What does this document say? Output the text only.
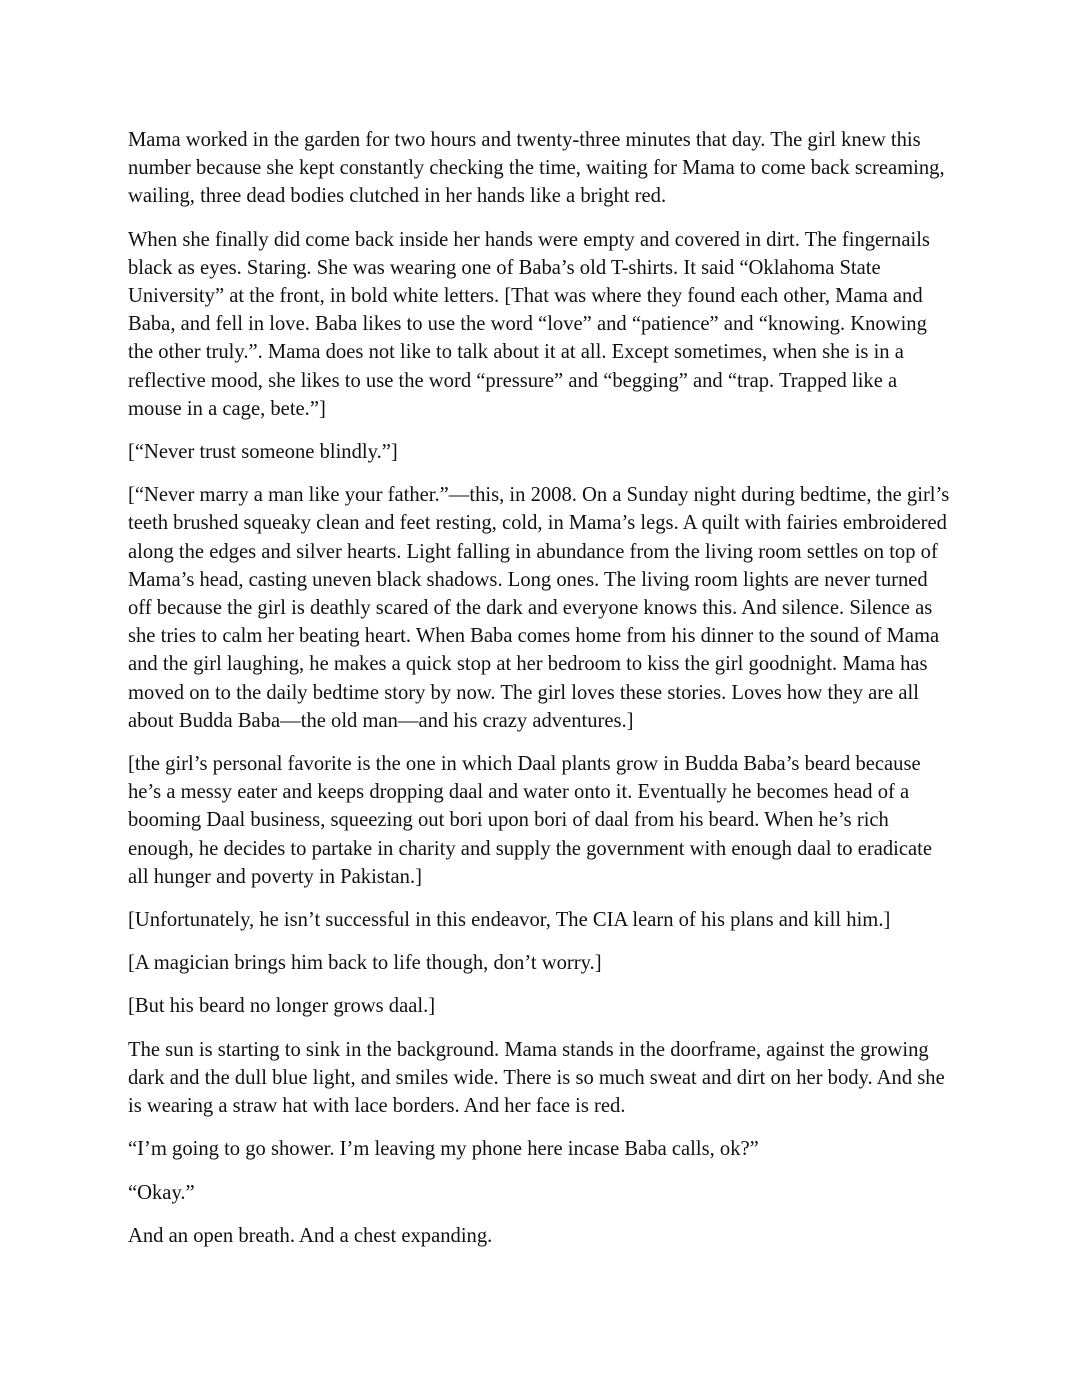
Mama worked in the garden for two hours and twenty-three minutes that day. The girl knew this number because she kept constantly checking the time, waiting for Mama to come back screaming, wailing, three dead bodies clutched in her hands like a bright red.

When she finally did come back inside her hands were empty and covered in dirt. The fingernails black as eyes. Staring. She was wearing one of Baba’s old T-shirts. It said “Oklahoma State University” at the front, in bold white letters. [That was where they found each other, Mama and Baba, and fell in love. Baba likes to use the word “love” and “patience” and “knowing. Knowing the other truly.”. Mama does not like to talk about it at all. Except sometimes, when she is in a reflective mood, she likes to use the word “pressure” and “begging” and “trap. Trapped like a mouse in a cage, bete.”]

[“Never trust someone blindly.”]

[“Never marry a man like your father.”—this, in 2008. On a Sunday night during bedtime, the girl’s teeth brushed squeaky clean and feet resting, cold, in Mama’s legs. A quilt with fairies embroidered along the edges and silver hearts. Light falling in abundance from the living room settles on top of Mama’s head, casting uneven black shadows. Long ones. The living room lights are never turned off because the girl is deathly scared of the dark and everyone knows this. And silence. Silence as she tries to calm her beating heart. When Baba comes home from his dinner to the sound of Mama and the girl laughing, he makes a quick stop at her bedroom to kiss the girl goodnight. Mama has moved on to the daily bedtime story by now. The girl loves these stories. Loves how they are all about Budda Baba—the old man—and his crazy adventures.]

[the girl’s personal favorite is the one in which Daal plants grow in Budda Baba’s beard because he’s a messy eater and keeps dropping daal and water onto it. Eventually he becomes head of a booming Daal business, squeezing out bori upon bori of daal from his beard. When he’s rich enough, he decides to partake in charity and supply the government with enough daal to eradicate all hunger and poverty in Pakistan.]

[Unfortunately, he isn’t successful in this endeavor, The CIA learn of his plans and kill him.]

[A magician brings him back to life though, don’t worry.]

[But his beard no longer grows daal.]

The sun is starting to sink in the background. Mama stands in the doorframe, against the growing dark and the dull blue light, and smiles wide. There is so much sweat and dirt on her body. And she is wearing a straw hat with lace borders. And her face is red.

“I’m going to go shower. I’m leaving my phone here incase Baba calls, ok?”

“Okay.”

And an open breath. And a chest expanding.
